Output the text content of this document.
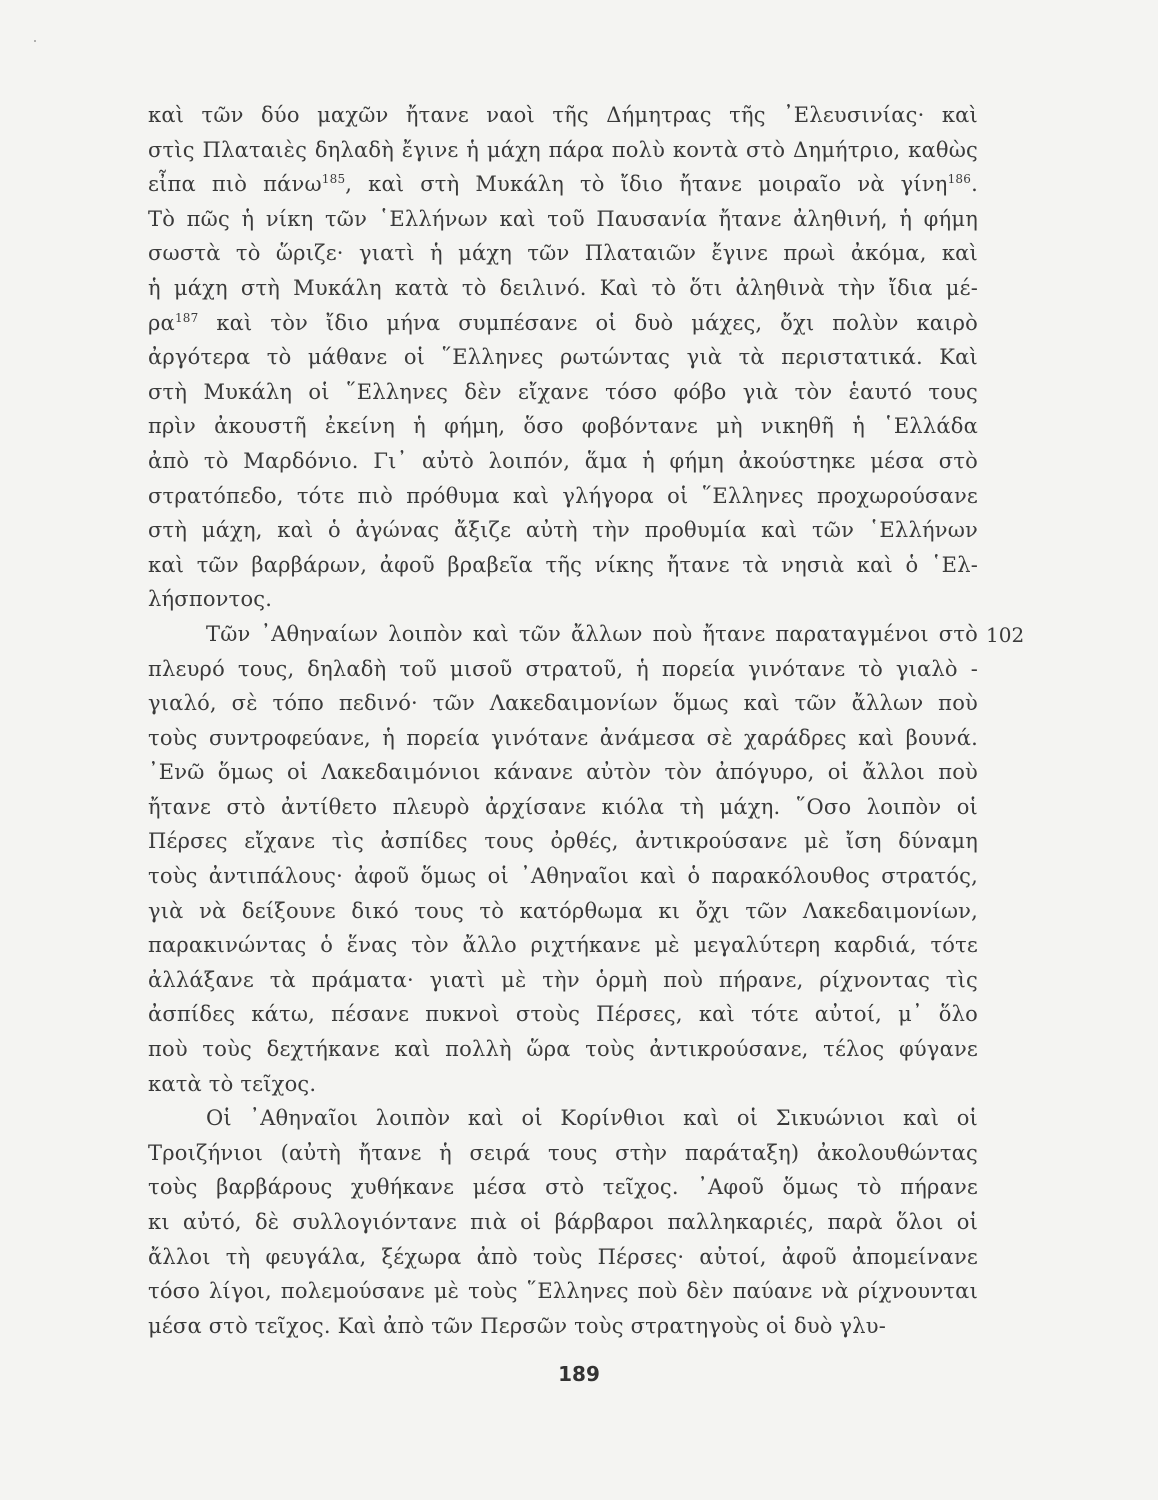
καὶ τῶν δύο μαχῶν ἤτανε ναοὶ τῆς Δήμητρας τῆς ᾿Ελευσινίας· καὶ
στὶς Πλαταιὲς δηλαδὴ ἔγινε ἡ μάχη πάρα πολὺ κοντὰ στὸ Δημήτριο, καθὼς
εἶπα πιὸ πάνω$^{185}$, καὶ στὴ Μυκάλη τὸ ἴδιο ἤτανε μοιραῖο νὰ γίνη$^{186}$.
Τὸ πῶς ἡ νίκη τῶν ῾Ελλήνων καὶ τοῦ Παυσανία ἤτανε ἀληθινή, ἡ φήμη
σωστὰ τὸ ὥριζε· γιατὶ ἡ μάχη τῶν Πλαταιῶν ἔγινε πρωὶ ἀκόμα, καὶ
ἡ μάχη στὴ Μυκάλη κατὰ τὸ δειλινό. Καὶ τὸ ὅτι ἀληθινὰ τὴν ἴδια μέ-
$\rho\alpha^{187}$ καὶ τὸν ἴδιο μήνα συμπέσανε οἱ δυὸ μάχες, ὄχι πολὺν καιρὸ
ἀργότερα τὸ μάθανε οἱ ῞Ελληνες ρωτώντας γιὰ τὰ περιστατικά. Καὶ
στὴ Μυκάλη οἱ ῞Ελληνες δὲν εἴχανε τόσο φόβο γιὰ τὸν ἑαυτό τους
πρὶν ἀκουστῆ ἐκείνη ἡ φήμη, ὅσο φοβόντανε μὴ νικηθῆ ἡ ῾Ελλάδα
ἀπὸ τὸ Μαρδόνιο. Γι᾿ αὐτὸ λοιπόν, ἅμα ἡ φήμη ἀκούστηκε μέσα στὸ
στρατόπεδο, τότε πιὸ πρόθυμα καὶ γλήγορα οἱ ῞Ελληνες προχωρούσανε
στὴ μάχη, καὶ ὁ ἀγώνας ἄξιζε αὐτὴ τὴν προθυμία καὶ τῶν ῾Ελλήνων
καὶ τῶν βαρβάρων, ἀφοῦ βραβεῖα τῆς νίκης ἤτανε τὰ νησιὰ καὶ ὁ ῾Ελ-
λήσποντος.
Τῶν ᾿Αθηναίων λοιπὸν καὶ τῶν ἄλλων ποὺ ἤτανε παραταγμένοι στὸ
πλευρό τους, δηλαδὴ τοῦ μισοῦ στρατοῦ, ἡ πορεία γινότανε τὸ γιαλὸ -
γιαλό, σὲ τόπο πεδινό· τῶν Λακεδαιμονίων ὅμως καὶ τῶν ἄλλων ποὺ
τοὺς συντροφεύανε, ἡ πορεία γινότανε ἀνάμεσα σὲ χαράδρες καὶ βουνά.
᾿Ενῶ ὅμως οἱ Λακεδαιμόνιοι κάνανε αὐτὸν τὸν ἀπόγυρο, οἱ ἄλλοι ποὺ
ἤτανε στὸ ἀντίθετο πλευρὸ ἀρχίσανε κιόλα τὴ μάχη. ῞Οσο λοιπὸν οἱ
Πέρσες εἴχανε τὶς ἀσπίδες τους ὀρθές, ἀντικρούσανε μὲ ἴση δύναμη
τοὺς ἀντιπάλους· ἀφοῦ ὅμως οἱ ᾿Αθηναῖοι καὶ ὁ παρακόλουθος στρατός,
γιὰ νὰ δείξουνε δικό τους τὸ κατόρθωμα κι ὄχι τῶν Λακεδαιμονίων,
παρακινώντας ὁ ἕνας τὸν ἄλλο ριχτήκανε μὲ μεγαλύτερη καρδιά, τότε
ἀλλάξανε τὰ πράματα· γιατὶ μὲ τὴν ὁρμὴ ποὺ πήρανε, ρίχνοντας τὶς
ἀσπίδες κάτω, πέσανε πυκνοὶ στοὺς Πέρσες, καὶ τότε αὐτοί, μ᾿ ὅλο
ποὺ τοὺς δεχτήκανε καὶ πολλὴ ὥρα τοὺς ἀντικρούσανε, τέλος φύγανε
κατὰ τὸ τεῖχος.
Οἱ ᾿Αθηναῖοι λοιπὸν καὶ οἱ Κορίνθιοι καὶ οἱ Σικυώνιοι καὶ οἱ
Τροιζήνιοι (αὐτὴ ἤτανε ἡ σειρά τους στὴν παράταξη) ἀκολουθώντας
τοὺς βαρβάρους χυθήκανε μέσα στὸ τεῖχος. ᾿Αφοῦ ὅμως τὸ πήρανε
κι αὐτό, δὲ συλλογιόντανε πιὰ οἱ βάρβαροι παλληκαριές, παρὰ ὅλοι οἱ
ἄλλοι τὴ φευγάλα, ξέχωρα ἀπὸ τοὺς Πέρσες· αὐτοί, ἀφοῦ ἀπομείνανε
τόσο λίγοι, πολεμούσανε μὲ τοὺς ῞Ελληνες ποὺ δὲν παύανε νὰ ρίχνουνται
μέσα στὸ τεῖχος. Καὶ ἀπὸ τῶν Περσῶν τοὺς στρατηγοὺς οἱ δυὸ γλυ-
102
189
